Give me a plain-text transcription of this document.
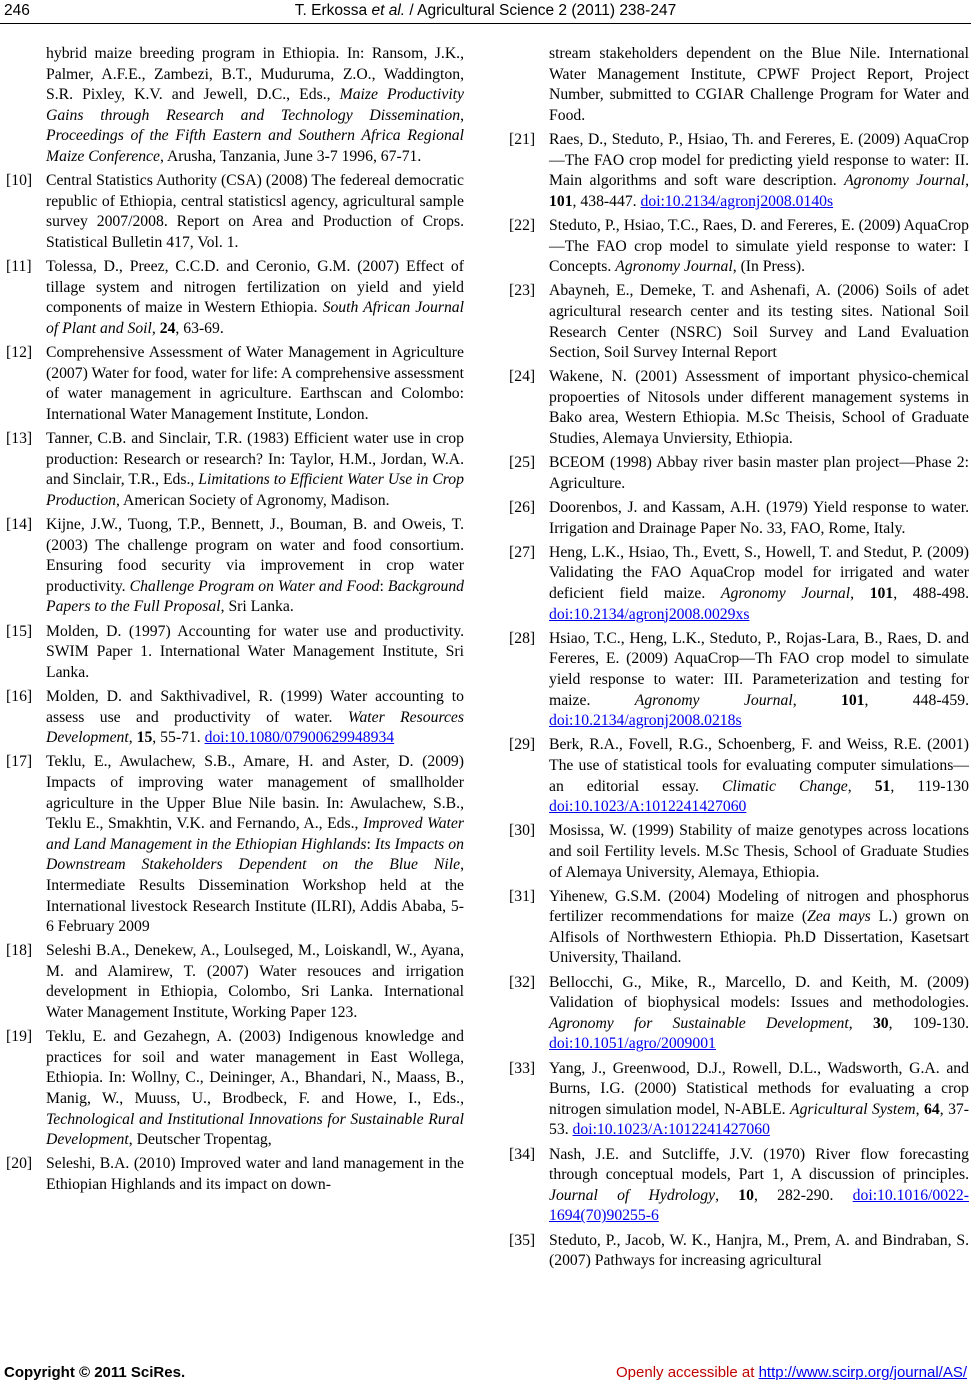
246	T. Erkossa et al. / Agricultural Science 2 (2011) 238-247
hybrid maize breeding program in Ethiopia. In: Ransom, J.K., Palmer, A.F.E., Zambezi, B.T., Muduruma, Z.O., Waddington, S.R. Pixley, K.V. and Jewell, D.C., Eds., Maize Productivity Gains through Research and Technology Dissemination, Proceedings of the Fifth Eastern and Southern Africa Regional Maize Conference, Arusha, Tanzania, June 3-7 1996, 67-71.
[10] Central Statistics Authority (CSA) (2008) The federeal democratic republic of Ethiopia, central statisticsl agency, agricultural sample survey 2007/2008. Report on Area and Production of Crops. Statistical Bulletin 417, Vol. 1.
[11] Tolessa, D., Preez, C.C.D. and Ceronio, G.M. (2007) Effect of tillage system and nitrogen fertilization on yield and yield components of maize in Western Ethiopia. South African Journal of Plant and Soil, 24, 63-69.
[12] Comprehensive Assessment of Water Management in Agriculture (2007) Water for food, water for life: A comprehensive assessment of water management in agriculture. Earthscan and Colombo: International Water Management Institute, London.
[13] Tanner, C.B. and Sinclair, T.R. (1983) Efficient water use in crop production: Research or research? In: Taylor, H.M., Jordan, W.A. and Sinclair, T.R., Eds., Limitations to Efficient Water Use in Crop Production, American Society of Agronomy, Madison.
[14] Kijne, J.W., Tuong, T.P., Bennett, J., Bouman, B. and Oweis, T. (2003) The challenge program on water and food consortium. Ensuring food security via improvement in crop water productivity. Challenge Program on Water and Food: Background Papers to the Full Proposal, Sri Lanka.
[15] Molden, D. (1997) Accounting for water use and productivity. SWIM Paper 1. International Water Management Institute, Sri Lanka.
[16] Molden, D. and Sakthivadivel, R. (1999) Water accounting to assess use and productivity of water. Water Resources Development, 15, 55-71. doi:10.1080/07900629948934
[17] Teklu, E., Awulachew, S.B., Amare, H. and Aster, D. (2009) Impacts of improving water management of smallholder agriculture in the Upper Blue Nile basin. In: Awulachew, S.B., Teklu E., Smakhtin, V.K. and Fernando, A., Eds., Improved Water and Land Management in the Ethiopian Highlands: Its Impacts on Downstream Stakeholders Dependent on the Blue Nile, Intermediate Results Dissemination Workshop held at the International livestock Research Institute (ILRI), Addis Ababa, 5-6 February 2009
[18] Seleshi B.A., Denekew, A., Loulseged, M., Loiskandl, W., Ayana, M. and Alamirew, T. (2007) Water resouces and irrigation development in Ethiopia, Colombo, Sri Lanka. International Water Management Institute, Working Paper 123.
[19] Teklu, E. and Gezahegn, A. (2003) Indigenous knowledge and practices for soil and water management in East Wollega, Ethiopia. In: Wollny, C., Deininger, A., Bhandari, N., Maass, B., Manig, W., Muuss, U., Brodbeck, F. and Howe, I., Eds., Technological and Institutional Innovations for Sustainable Rural Development, Deutscher Tropentag,
[20] Seleshi, B.A. (2010) Improved water and land management in the Ethiopian Highlands and its impact on down-
stream stakeholders dependent on the Blue Nile. International Water Management Institute, CPWF Project Report, Project Number, submitted to CGIAR Challenge Program for Water and Food.
[21] Raes, D., Steduto, P., Hsiao, Th. and Fereres, E. (2009) AquaCrop—The FAO crop model for predicting yield response to water: II. Main algorithms and soft ware description. Agronomy Journal, 101, 438-447. doi:10.2134/agronj2008.0140s
[22] Steduto, P., Hsiao, T.C., Raes, D. and Fereres, E. (2009) AquaCrop—The FAO crop model to simulate yield response to water: I Concepts. Agronomy Journal, (In Press).
[23] Abayneh, E., Demeke, T. and Ashenafi, A. (2006) Soils of adet agricultural research center and its testing sites. National Soil Research Center (NSRC) Soil Survey and Land Evaluation Section, Soil Survey Internal Report
[24] Wakene, N. (2001) Assessment of important physico-chemical propoerties of Nitosols under different management systems in Bako area, Western Ethiopia. M.Sc Theisis, School of Graduate Studies, Alemaya Unviersity, Ethiopia.
[25] BCEOM (1998) Abbay river basin master plan project—Phase 2: Agriculture.
[26] Doorenbos, J. and Kassam, A.H. (1979) Yield response to water. Irrigation and Drainage Paper No. 33, FAO, Rome, Italy.
[27] Heng, L.K., Hsiao, Th., Evett, S., Howell, T. and Stedut, P. (2009) Validating the FAO AquaCrop model for irrigated and water deficient field maize. Agronomy Journal, 101, 488-498. doi:10.2134/agronj2008.0029xs
[28] Hsiao, T.C., Heng, L.K., Steduto, P., Rojas-Lara, B., Raes, D. and Fereres, E. (2009) AquaCrop—Th FAO crop model to simulate yield response to water: III. Parameterization and testing for maize. Agronomy Journal, 101, 448-459. doi:10.2134/agronj2008.0218s
[29] Berk, R.A., Fovell, R.G., Schoenberg, F. and Weiss, R.E. (2001) The use of statistical tools for evaluating computer simulations—an editorial essay. Climatic Change, 51, 119-130 doi:10.1023/A:1012241427060
[30] Mosissa, W. (1999) Stability of maize genotypes across locations and soil Fertility levels. M.Sc Thesis, School of Graduate Studies of Alemaya University, Alemaya, Ethiopia.
[31] Yihenew, G.S.M. (2004) Modeling of nitrogen and phosphorus fertilizer recommendations for maize (Zea mays L.) grown on Alfisols of Northwestern Ethiopia. Ph.D Dissertation, Kasetsart University, Thailand.
[32] Bellocchi, G., Mike, R., Marcello, D. and Keith, M. (2009) Validation of biophysical models: Issues and methodologies. Agronomy for Sustainable Development, 30, 109-130. doi:10.1051/agro/2009001
[33] Yang, J., Greenwood, D.J., Rowell, D.L., Wadsworth, G.A. and Burns, I.G. (2000) Statistical methods for evaluating a crop nitrogen simulation model, N-ABLE. Agricultural System, 64, 37-53. doi:10.1023/A:1012241427060
[34] Nash, J.E. and Sutcliffe, J.V. (1970) River flow forecasting through conceptual models, Part 1, A discussion of principles. Journal of Hydrology, 10, 282-290. doi:10.1016/0022-1694(70)90255-6
[35] Steduto, P., Jacob, W. K., Hanjra, M., Prem, A. and Bindraban, S. (2007) Pathways for increasing agricultural
Copyright © 2011 SciRes.	Openly accessible at http://www.scirp.org/journal/AS/
